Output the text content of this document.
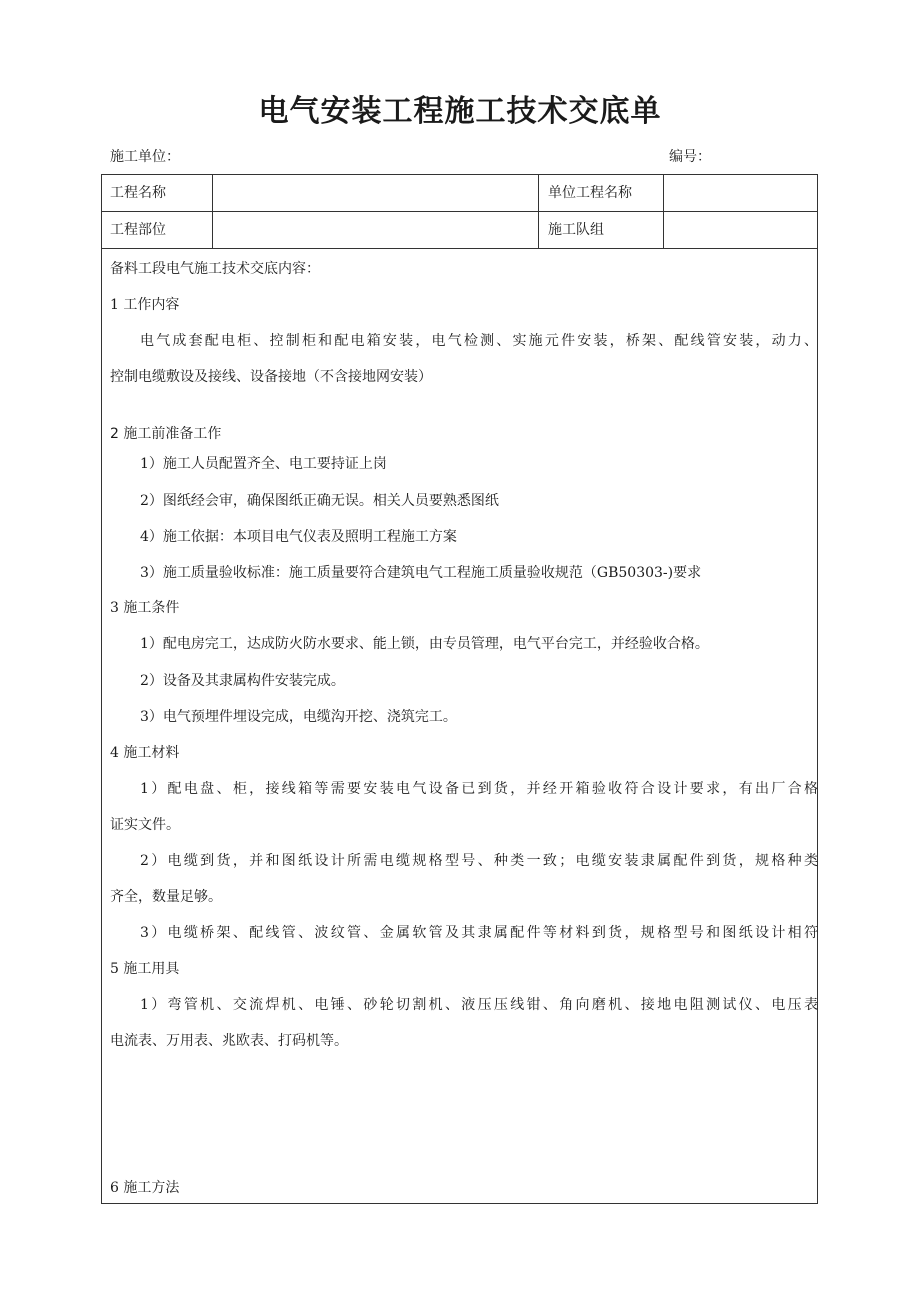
电气安装工程施工技术交底单
施工单位：	编号：
工程名称	单位工程名称
工程部位	施工队组
备料工段电气施工技术交底内容：
1 工作内容
电气成套配电柜、控制柜和配电箱安装，电气检测、实施元件安装，桥架、配线管安装，动力、
控制电缆敷设及接线、设备接地（不含接地网安装）
2 施工前准备工作
1）施工人员配置齐全、电工要持证上岗
2）图纸经会审，确保图纸正确无误。相关人员要熟悉图纸
4）施工依据：本项目电气仪表及照明工程施工方案
3）施工质量验收标准：施工质量要符合建筑电气工程施工质量验收规范（GB50303-)要求
3 施工条件
1）配电房完工，达成防火防水要求、能上锁，由专员管理，电气平台完工，并经验收合格。
2）设备及其隶属构件安装完成。
3）电气预埋件埋设完成，电缆沟开挖、浇筑完工。
4 施工材料
1）配电盘、柜，接线箱等需要安装电气设备已到货，并经开箱验收符合设计要求，有出厂合格
证实文件。
2）电缆到货，并和图纸设计所需电缆规格型号、种类一致；电缆安装隶属配件到货，规格种类
齐全，数量足够。
3）电缆桥架、配线管、波纹管、金属软管及其隶属配件等材料到货，规格型号和图纸设计相符
5 施工用具
1）弯管机、交流焊机、电锤、砂轮切割机、液压压线钳、角向磨机、接地电阻测试仪、电压表
电流表、万用表、兆欧表、打码机等。
6 施工方法
